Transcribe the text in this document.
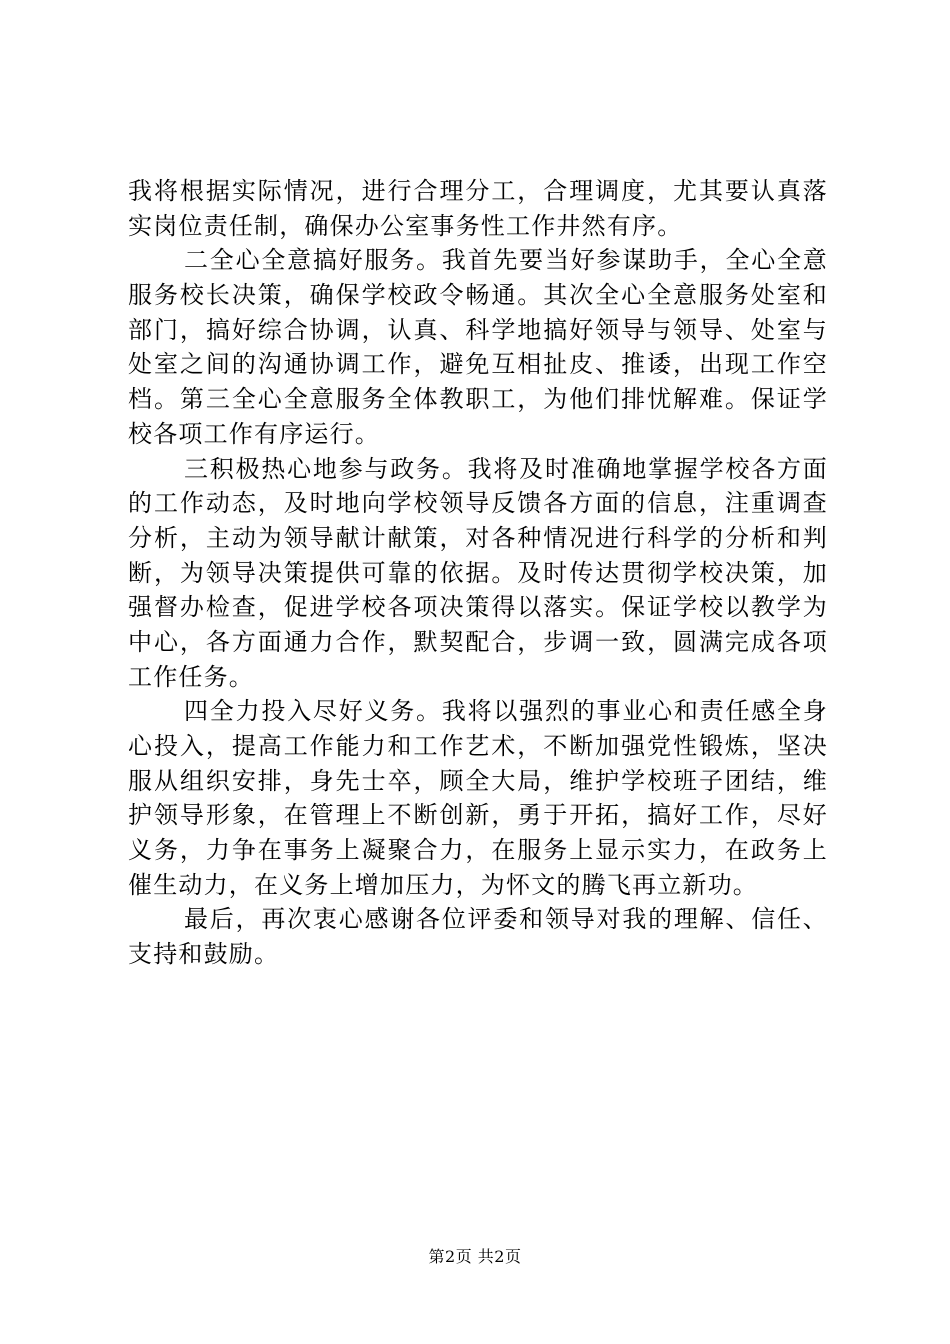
我将根据实际情况，进行合理分工，合理调度，尤其要认真落
实岗位责任制，确保办公室事务性工作井然有序。
二全心全意搞好服务。我首先要当好参谋助手，全心全意
服务校长决策，确保学校政令畅通。其次全心全意服务处室和
部门，搞好综合协调，认真、科学地搞好领导与领导、处室与
处室之间的沟通协调工作，避免互相扯皮、推诿，出现工作空
档。第三全心全意服务全体教职工，为他们排忧解难。保证学
校各项工作有序运行。
三积极热心地参与政务。我将及时准确地掌握学校各方面
的工作动态，及时地向学校领导反馈各方面的信息，注重调查
分析，主动为领导献计献策，对各种情况进行科学的分析和判
断，为领导决策提供可靠的依据。及时传达贯彻学校决策，加
强督办检查，促进学校各项决策得以落实。保证学校以教学为
中心，各方面通力合作，默契配合，步调一致，圆满完成各项
工作任务。
四全力投入尽好义务。我将以强烈的事业心和责任感全身
心投入，提高工作能力和工作艺术，不断加强党性锻炼，坚决
服从组织安排，身先士卒，顾全大局，维护学校班子团结，维
护领导形象，在管理上不断创新，勇于开拓，搞好工作，尽好
义务，力争在事务上凝聚合力，在服务上显示实力，在政务上
催生动力，在义务上增加压力，为怀文的腾飞再立新功。
最后，再次衷心感谢各位评委和领导对我的理解、信任、
支持和鼓励。
第2页 共2页
